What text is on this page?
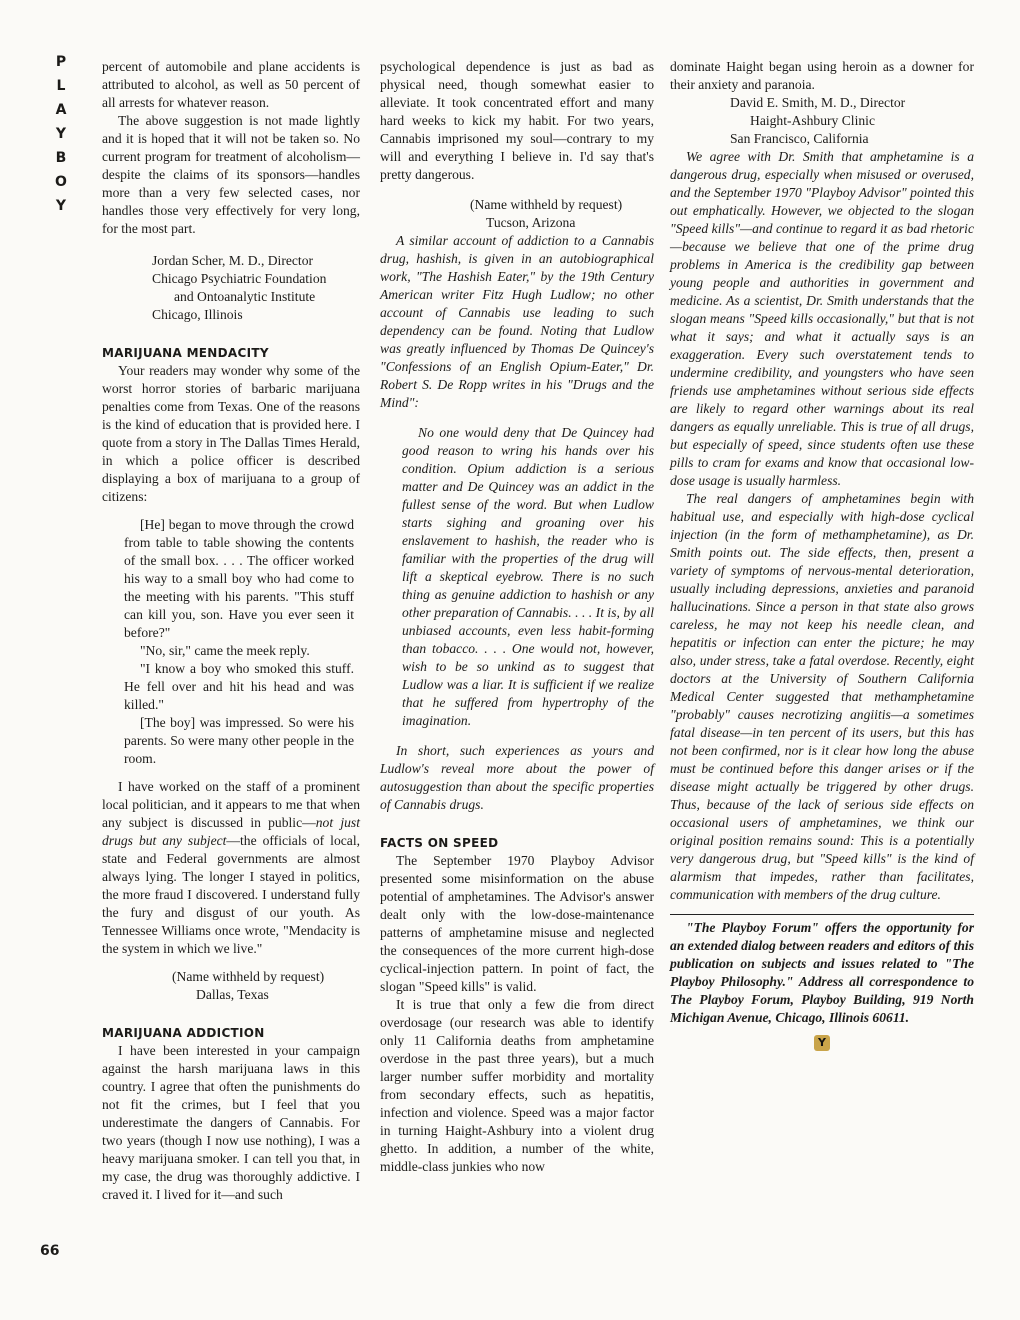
P
L
A
Y
B
O
Y
66

percent of automobile and plane accidents is attributed to alcohol, as well as 50 percent of all arrests for whatever reason.

The above suggestion is not made lightly and it is hoped that it will not be taken so. No current program for treatment of alcoholism—despite the claims of its sponsors—handles more than a very few selected cases, nor handles those very effectively for very long, for the most part.

Jordan Scher, M. D., Director
Chicago Psychiatric Foundation
and Ontoanalytic Institute
Chicago, Illinois
MARIJUANA MENDACITY

Your readers may wonder why some of the worst horror stories of barbaric marijuana penalties come from Texas. One of the reasons is the kind of education that is provided here. I quote from a story in The Dallas Times Herald, in which a police officer is described displaying a box of marijuana to a group of citizens:

[He] began to move through the crowd from table to table showing the contents of the small box. . . . The officer worked his way to a small boy who had come to the meeting with his parents. "This stuff can kill you, son. Have you ever seen it before?"

"No, sir," came the meek reply.

"I know a boy who smoked this stuff. He fell over and hit his head and was killed."

[The boy] was impressed. So were his parents. So were many other people in the room.

I have worked on the staff of a prominent local politician, and it appears to me that when any subject is discussed in public—not just drugs but any subject—the officials of local, state and Federal governments are almost always lying. The longer I stayed in politics, the more fraud I discovered. I understand fully the fury and disgust of our youth. As Tennessee Williams once wrote, "Mendacity is the system in which we live."

(Name withheld by request)
Dallas, Texas
MARIJUANA ADDICTION

I have been interested in your campaign against the harsh marijuana laws in this country. I agree that often the punishments do not fit the crimes, but I feel that you underestimate the dangers of Cannabis. For two years (though I now use nothing), I was a heavy marijuana smoker. I can tell you that, in my case, the drug was thoroughly addictive. I craved it. I lived for it—and such

psychological dependence is just as bad as physical need, though somewhat easier to alleviate. It took concentrated effort and many hard weeks to kick my habit. For two years, Cannabis imprisoned my soul—contrary to my will and everything I believe in. I'd say that's pretty dangerous.

(Name withheld by request)
Tucson, Arizona

A similar account of addiction to a Cannabis drug, hashish, is given in an autobiographical work, "The Hashish Eater," by the 19th Century American writer Fitz Hugh Ludlow; no other account of Cannabis use leading to such dependency can be found. Noting that Ludlow was greatly influenced by Thomas De Quincey's "Confessions of an English Opium-Eater," Dr. Robert S. De Ropp writes in his "Drugs and the Mind":

No one would deny that De Quincey had good reason to wring his hands over his condition. Opium addiction is a serious matter and De Quincey was an addict in the fullest sense of the word. But when Ludlow starts sighing and groaning over his enslavement to hashish, the reader who is familiar with the properties of the drug will lift a skeptical eyebrow. There is no such thing as genuine addiction to hashish or any other preparation of Cannabis. . . . It is, by all unbiased accounts, even less habit-forming than tobacco. . . . One would not, however, wish to be so unkind as to suggest that Ludlow was a liar. It is sufficient if we realize that he suffered from hypertrophy of the imagination.

In short, such experiences as yours and Ludlow's reveal more about the power of autosuggestion than about the specific properties of Cannabis drugs.

FACTS ON SPEED

The September 1970 Playboy Advisor presented some misinformation on the abuse potential of amphetamines. The Advisor's answer dealt only with the low-dose-maintenance patterns of amphetamine misuse and neglected the consequences of the more current high-dose cyclical-injection pattern. In point of fact, the slogan "Speed kills" is valid.

It is true that only a few die from direct overdosage (our research was able to identify only 11 California deaths from amphetamine overdose in the past three years), but a much larger number suffer morbidity and mortality from secondary effects, such as hepatitis, infection and violence. Speed was a major factor in turning Haight-Ashbury into a violent drug ghetto. In addition, a number of the white, middle-class junkies who now

dominate Haight began using heroin as a downer for their anxiety and paranoia.

David E. Smith, M. D., Director
Haight-Ashbury Clinic
San Francisco, California

We agree with Dr. Smith that amphetamine is a dangerous drug, especially when misused or overused, and the September 1970 "Playboy Advisor" pointed this out emphatically. However, we objected to the slogan "Speed kills"—and continue to regard it as bad rhetoric—because we believe that one of the prime drug problems in America is the credibility gap between young people and authorities in government and medicine. As a scientist, Dr. Smith understands that the slogan means "Speed kills occasionally," but that is not what it says; and what it actually says is an exaggeration. Every such overstatement tends to undermine credibility, and youngsters who have seen friends use amphetamines without serious side effects are likely to regard other warnings about its real dangers as equally unreliable. This is true of all drugs, but especially of speed, since students often use these pills to cram for exams and know that occasional low-dose usage is usually harmless.

The real dangers of amphetamines begin with habitual use, and especially with high-dose cyclical injection (in the form of methamphetamine), as Dr. Smith points out. The side effects, then, present a variety of symptoms of nervous-mental deterioration, usually including depressions, anxieties and paranoid hallucinations. Since a person in that state also grows careless, he may not keep his needle clean, and hepatitis or infection can enter the picture; he may also, under stress, take a fatal overdose. Recently, eight doctors at the University of Southern California Medical Center suggested that methamphetamine "probably" causes necrotizing angiitis—a sometimes fatal disease—in ten percent of its users, but this has not been confirmed, nor is it clear how long the abuse must be continued before this danger arises or if the disease might actually be triggered by other drugs. Thus, because of the lack of serious side effects on occasional users of amphetamines, we think our original position remains sound: This is a potentially very dangerous drug, but "Speed kills" is the kind of alarmism that impedes, rather than facilitates, communication with members of the drug culture.

"The Playboy Forum" offers the opportunity for an extended dialog between readers and editors of this publication on subjects and issues related to "The Playboy Philosophy." Address all correspondence to The Playboy Forum, Playboy Building, 919 North Michigan Avenue, Chicago, Illinois 60611.

Y
